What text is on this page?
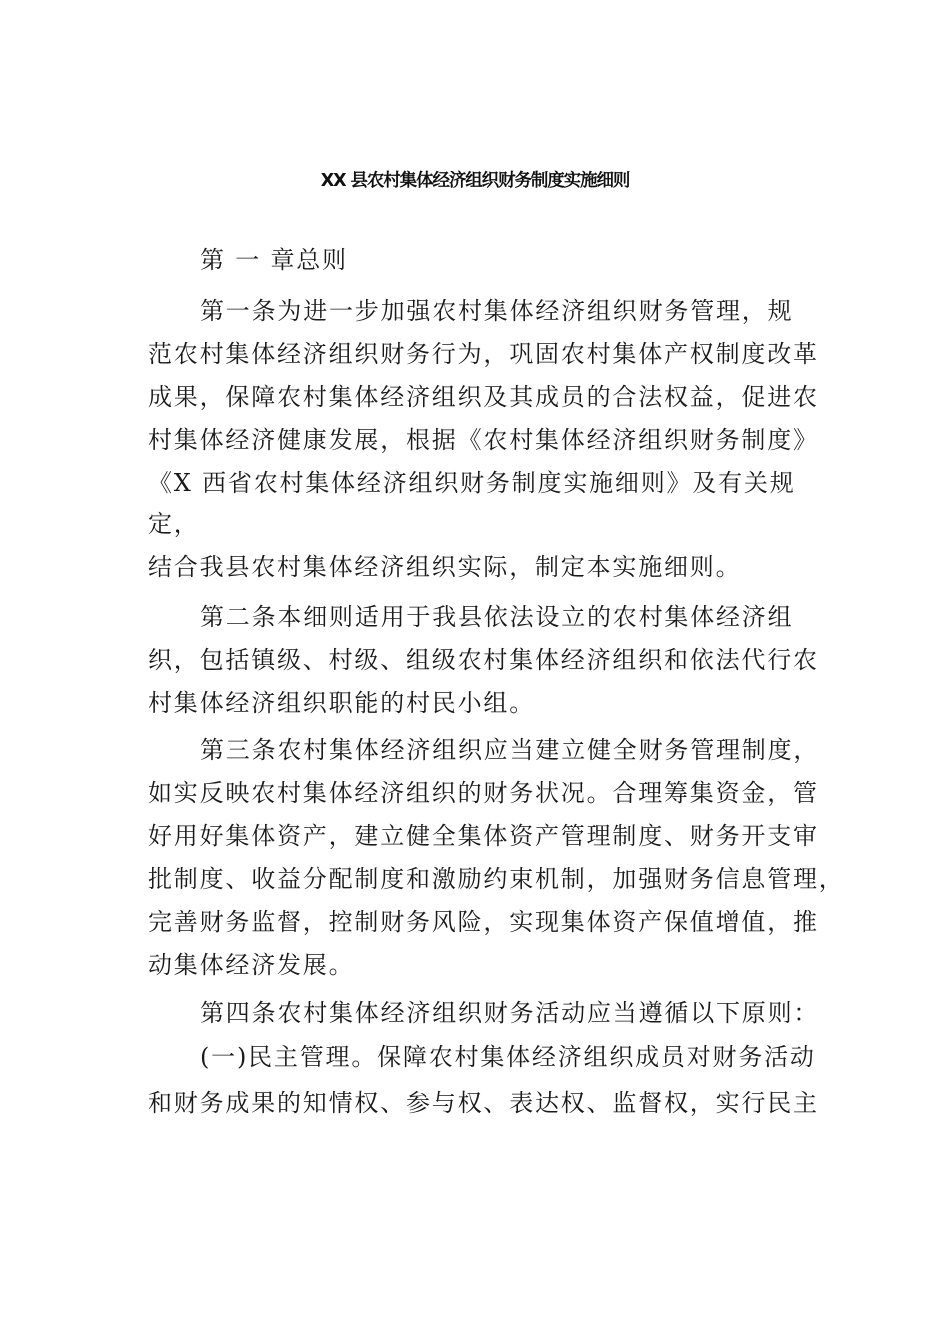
XX 县农村集体经济组织财务制度实施细则
第 一 章总则
第一条为进一步加强农村集体经济组织财务管理，规
范农村集体经济组织财务行为，巩固农村集体产权制度改革
成果，保障农村集体经济组织及其成员的合法权益，促进农
村集体经济健康发展，根据《农村集体经济组织财务制度》
《X 西省农村集体经济组织财务制度实施细则》及有关规
定，
结合我县农村集体经济组织实际，制定本实施细则。
第二条本细则适用于我县依法设立的农村集体经济组
织，包括镇级、村级、组级农村集体经济组织和依法代行农
村集体经济组织职能的村民小组。
第三条农村集体经济组织应当建立健全财务管理制度，
如实反映农村集体经济组织的财务状况。合理筹集资金，管
好用好集体资产，建立健全集体资产管理制度、财务开支审
批制度、收益分配制度和激励约束机制，加强财务信息管理，
完善财务监督，控制财务风险，实现集体资产保值增值，推
动集体经济发展。
第四条农村集体经济组织财务活动应当遵循以下原则：
(一)民主管理。保障农村集体经济组织成员对财务活动
和财务成果的知情权、参与权、表达权、监督权，实行民主
